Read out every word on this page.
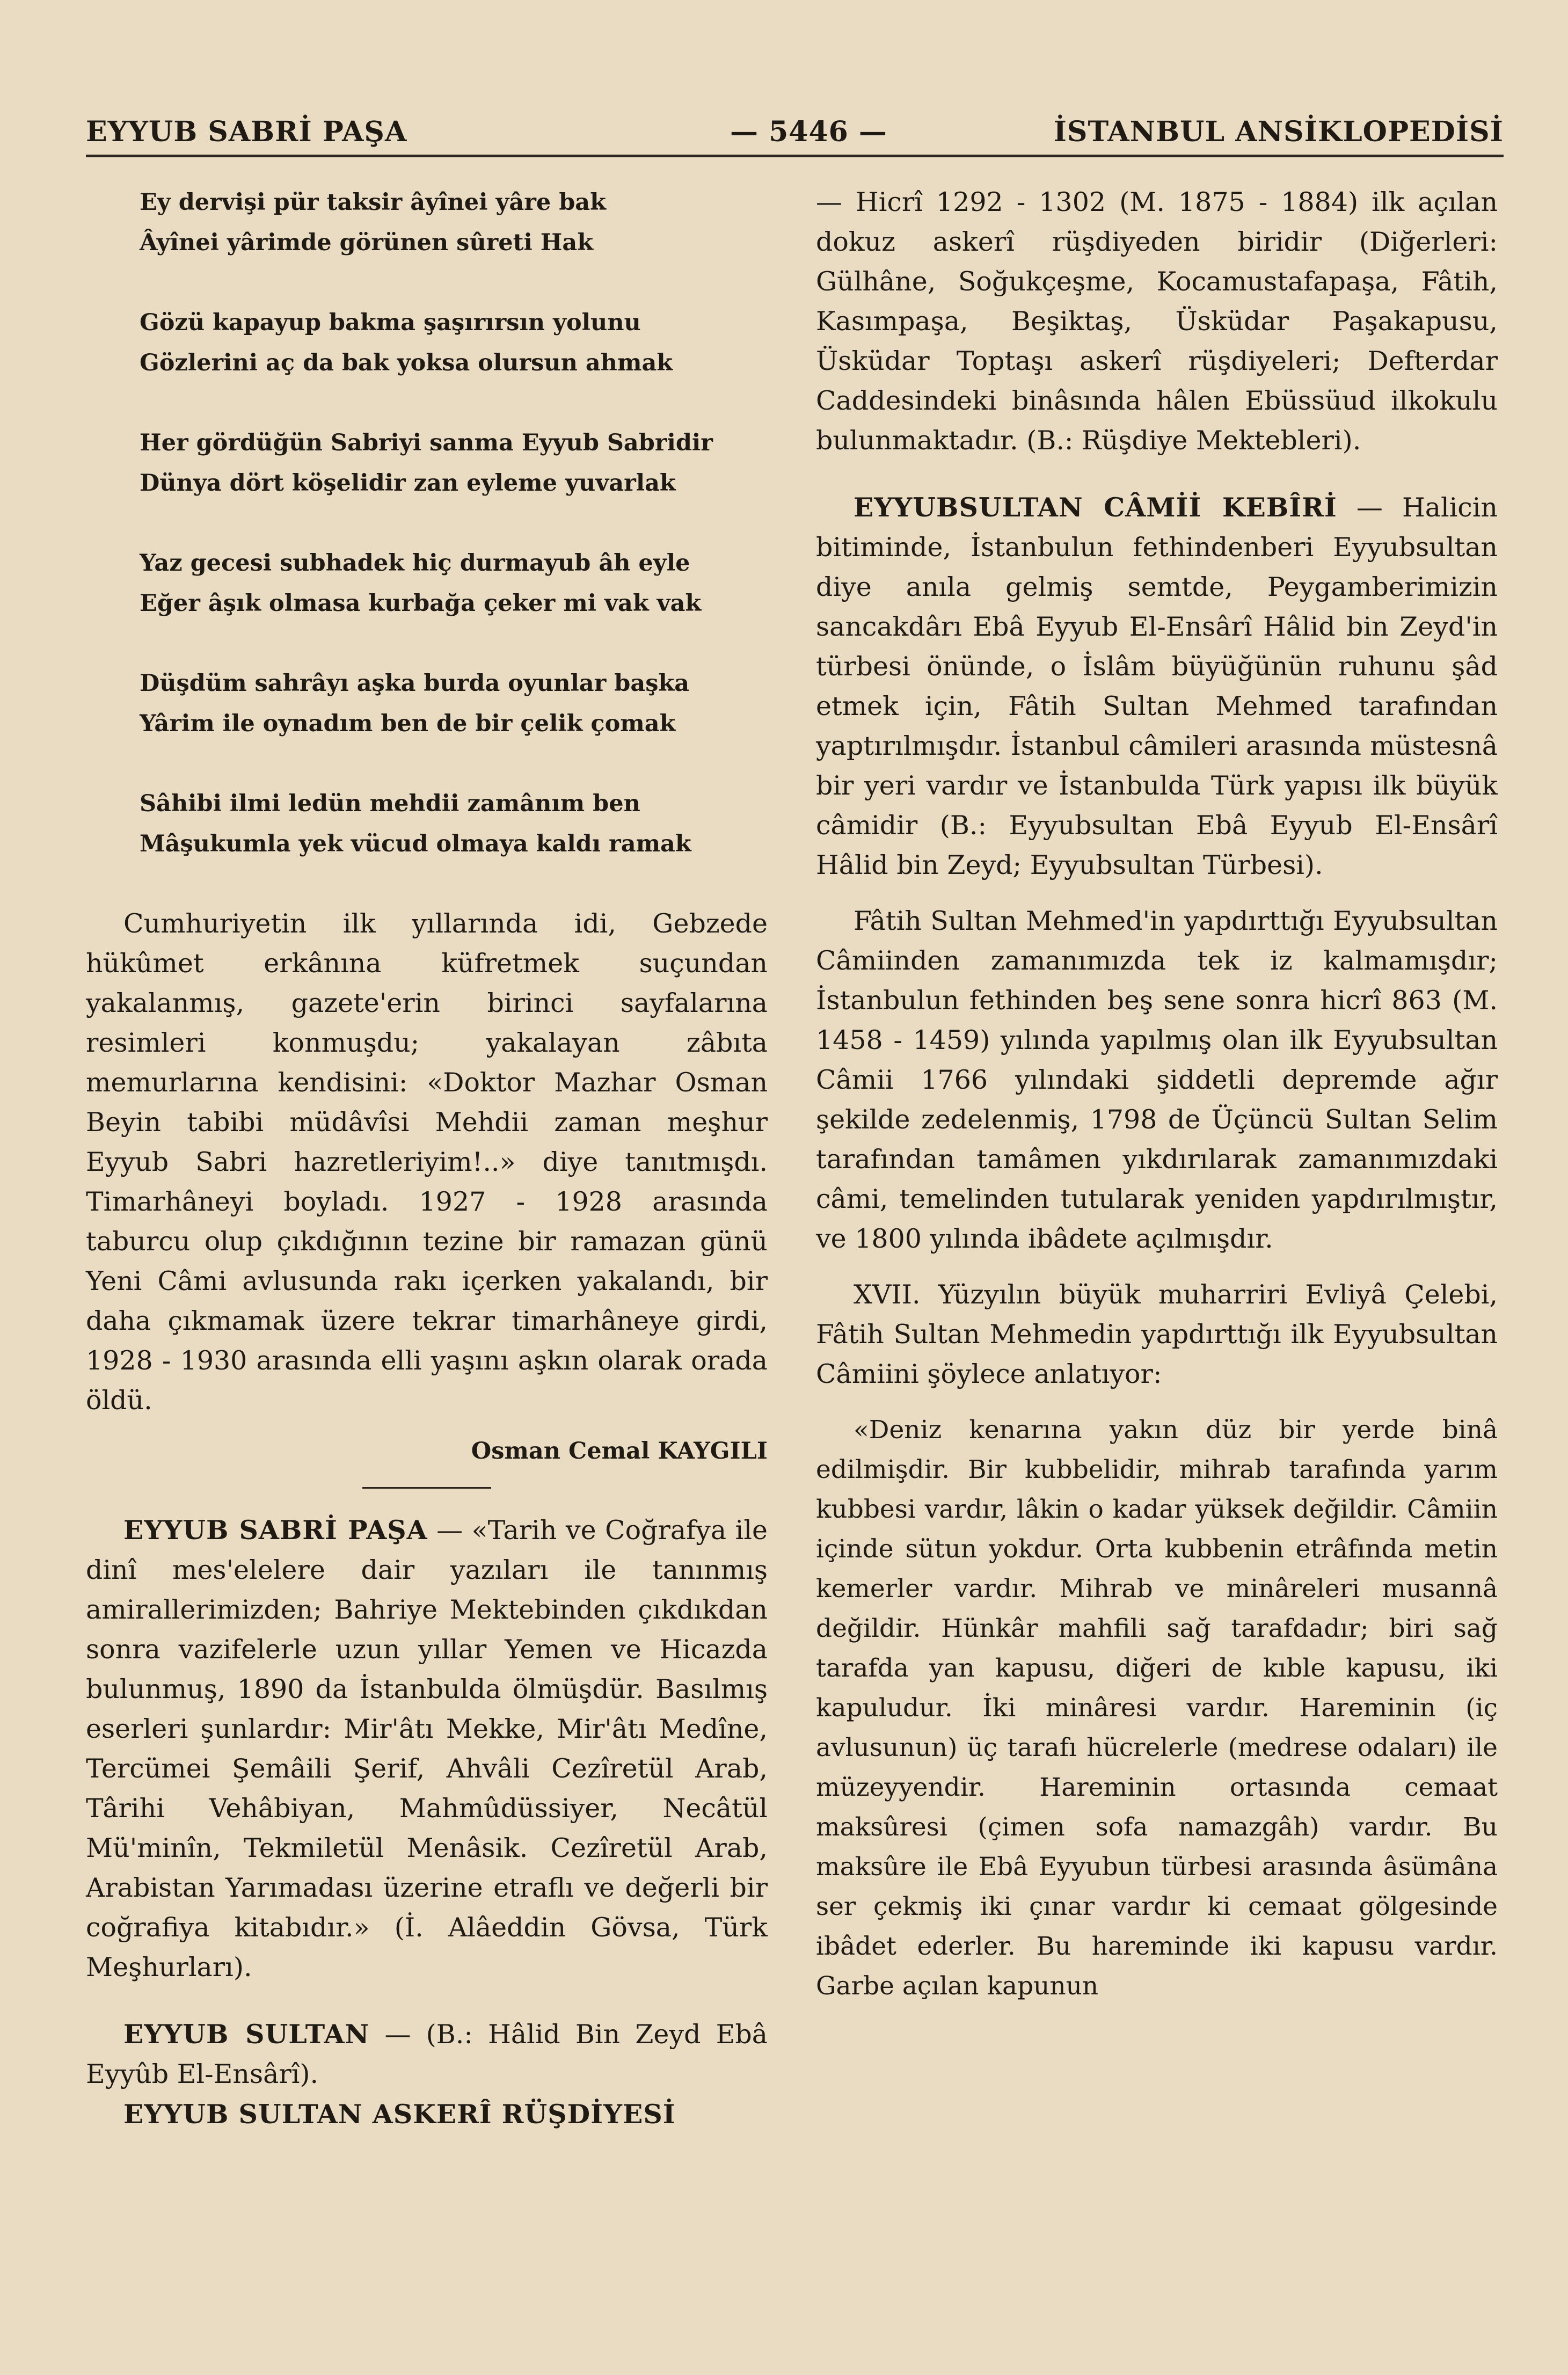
EYYUB SABRİ PAŞA	— 5446 —	İSTANBUL ANSİKLOPEDİSİ
Ey dervişi pür taksir âyînei yâre bak
Âyînei yârimde görünen sûreti Hak
Gözü kapayup bakma şaşırırsın yolunu
Gözlerini aç da bak yoksa olursun ahmak
Her gördüğün Sabriyi sanma Eyyub Sabridir
Dünya dört köşelidir zan eyleme yuvarlak
Yaz gecesi subhadek hiç durmayub âh eyle
Eğer âşık olmasa kurbağa çeker mi vak vak
Düşdüm sahrâyı aşka burda oyunlar başka
Yârim ile oynadım ben de bir çelik çomak
Sâhibi ilmi ledün mehdii zamânım ben
Mâşukumla yek vücud olmaya kaldı ramak

Cumhuriyetin ilk yıllarında idi, Gebzede hükûmet erkânına küfretmek suçundan yakalanmış, gazete'erin birinci sayfalarına resimleri konmuşdu; yakalayan zâbıta memurlarına kendisini: «Doktor Mazhar Osman Beyin tabibi müdâvîsi Mehdii zaman meşhur Eyyub Sabri hazretleriyim!..» diye tanıtmışdı. Timarhâneyi boyladı. 1927 - 1928 arasında taburcu olup çıkdığının tezine bir ramazan günü Yeni Câmi avlusunda rakı içerken yakalandı, bir daha çıkmamak üzere tekrar timarhâneye girdi, 1928 - 1930 arasında elli yaşını aşkın olarak orada öldü.

Osman Cemal KAYGILI

EYYUB SABRİ PAŞA — «Tarih ve Coğrafya ile dinî mes'elelere dair yazıları ile tanınmış amirallerimizden; Bahriye Mektebinden çıkdıkdan sonra vazifelerle uzun yıllar Yemen ve Hicazda bulunmuş, 1890 da İstanbulda ölmüşdür. Basılmış eserleri şunlardır: Mir'âtı Mekke, Mir'âtı Medîne, Tercümei Şemâili Şerif, Ahvâli Cezîretül Arab, Târihi Vehâbiyan, Mahmûdüssiyer, Necâtül Mü'minîn, Tekmiletül Menâsik. Cezîretül Arab, Arabistan Yarımadası üzerine etraflı ve değerli bir coğrafiya kitabıdır.» (İ. Alâeddin Gövsa, Türk Meşhurları).

EYYUB SULTAN — (B.: Hâlid Bin Zeyd Ebâ Eyyûb El-Ensârî).

EYYUB SULTAN ASKERÎ RÜŞDİYESİ

— Hicrî 1292 - 1302 (M. 1875 - 1884) ilk açılan dokuz askerî rüşdiyeden biridir (Diğerleri: Gülhâne, Soğukçeşme, Kocamustafapaşa, Fâtih, Kasımpaşa, Beşiktaş, Üsküdar Paşakapusu, Üsküdar Toptaşı askerî rüşdiyeleri; Defterdar Caddesindeki binâsında hâlen Ebüssüud ilkokulu bulunmaktadır. (B.: Rüşdiye Mektebleri).

EYYUBSULTAN CÂMİİ KEBÎRİ — Halicin bitiminde, İstanbulun fethindenberi Eyyubsultan diye anıla gelmiş semtde, Peygamberimizin sancakdârı Ebâ Eyyub El-Ensârî Hâlid bin Zeyd'in türbesi önünde, o İslâm büyüğünün ruhunu şâd etmek için, Fâtih Sultan Mehmed tarafından yaptırılmışdır. İstanbul câmileri arasında müstesnâ bir yeri vardır ve İstanbulda Türk yapısı ilk büyük câmidir (B.: Eyyubsultan Ebâ Eyyub El-Ensârî Hâlid bin Zeyd; Eyyubsultan Türbesi).

Fâtih Sultan Mehmed'in yapdırttığı Eyyubsultan Câmiinden zamanımızda tek iz kalmamışdır; İstanbulun fethinden beş sene sonra hicrî 863 (M. 1458 - 1459) yılında yapılmış olan ilk Eyyubsultan Câmii 1766 yılındaki şiddetli depremde ağır şekilde zedelenmiş, 1798 de Üçüncü Sultan Selim tarafından tamâmen yıkdırılarak zamanımızdaki câmi, temelinden tutularak yeniden yapdırılmıştır, ve 1800 yılında ibâdete açılmışdır.

XVII. Yüzyılın büyük muharriri Evliyâ Çelebi, Fâtih Sultan Mehmedin yapdırttığı ilk Eyyubsultan Câmiini şöylece anlatıyor:

«Deniz kenarına yakın düz bir yerde binâ edilmişdir. Bir kubbelidir, mihrab tarafında yarım kubbesi vardır, lâkin o kadar yüksek değildir. Câmiin içinde sütun yokdur. Orta kubbenin etrâfında metin kemerler vardır. Mihrab ve minâreleri musannâ değildir. Hünkâr mahfili sağ tarafdadır; biri sağ tarafda yan kapusu, diğeri de kıble kapusu, iki kapuludur. İki minâresi vardır. Hareminin (iç avlusunun) üç tarafı hücrelerle (medrese odaları) ile müzeyyendir. Hareminin ortasında cemaat maksûresi (çimen sofa namazgâh) vardır. Bu maksûre ile Ebâ Eyyubun türbesi arasında âsümâna ser çekmiş iki çınar vardır ki cemaat gölgesinde ibâdet ederler. Bu hareminde iki kapusu vardır. Garbe açılan kapunun
